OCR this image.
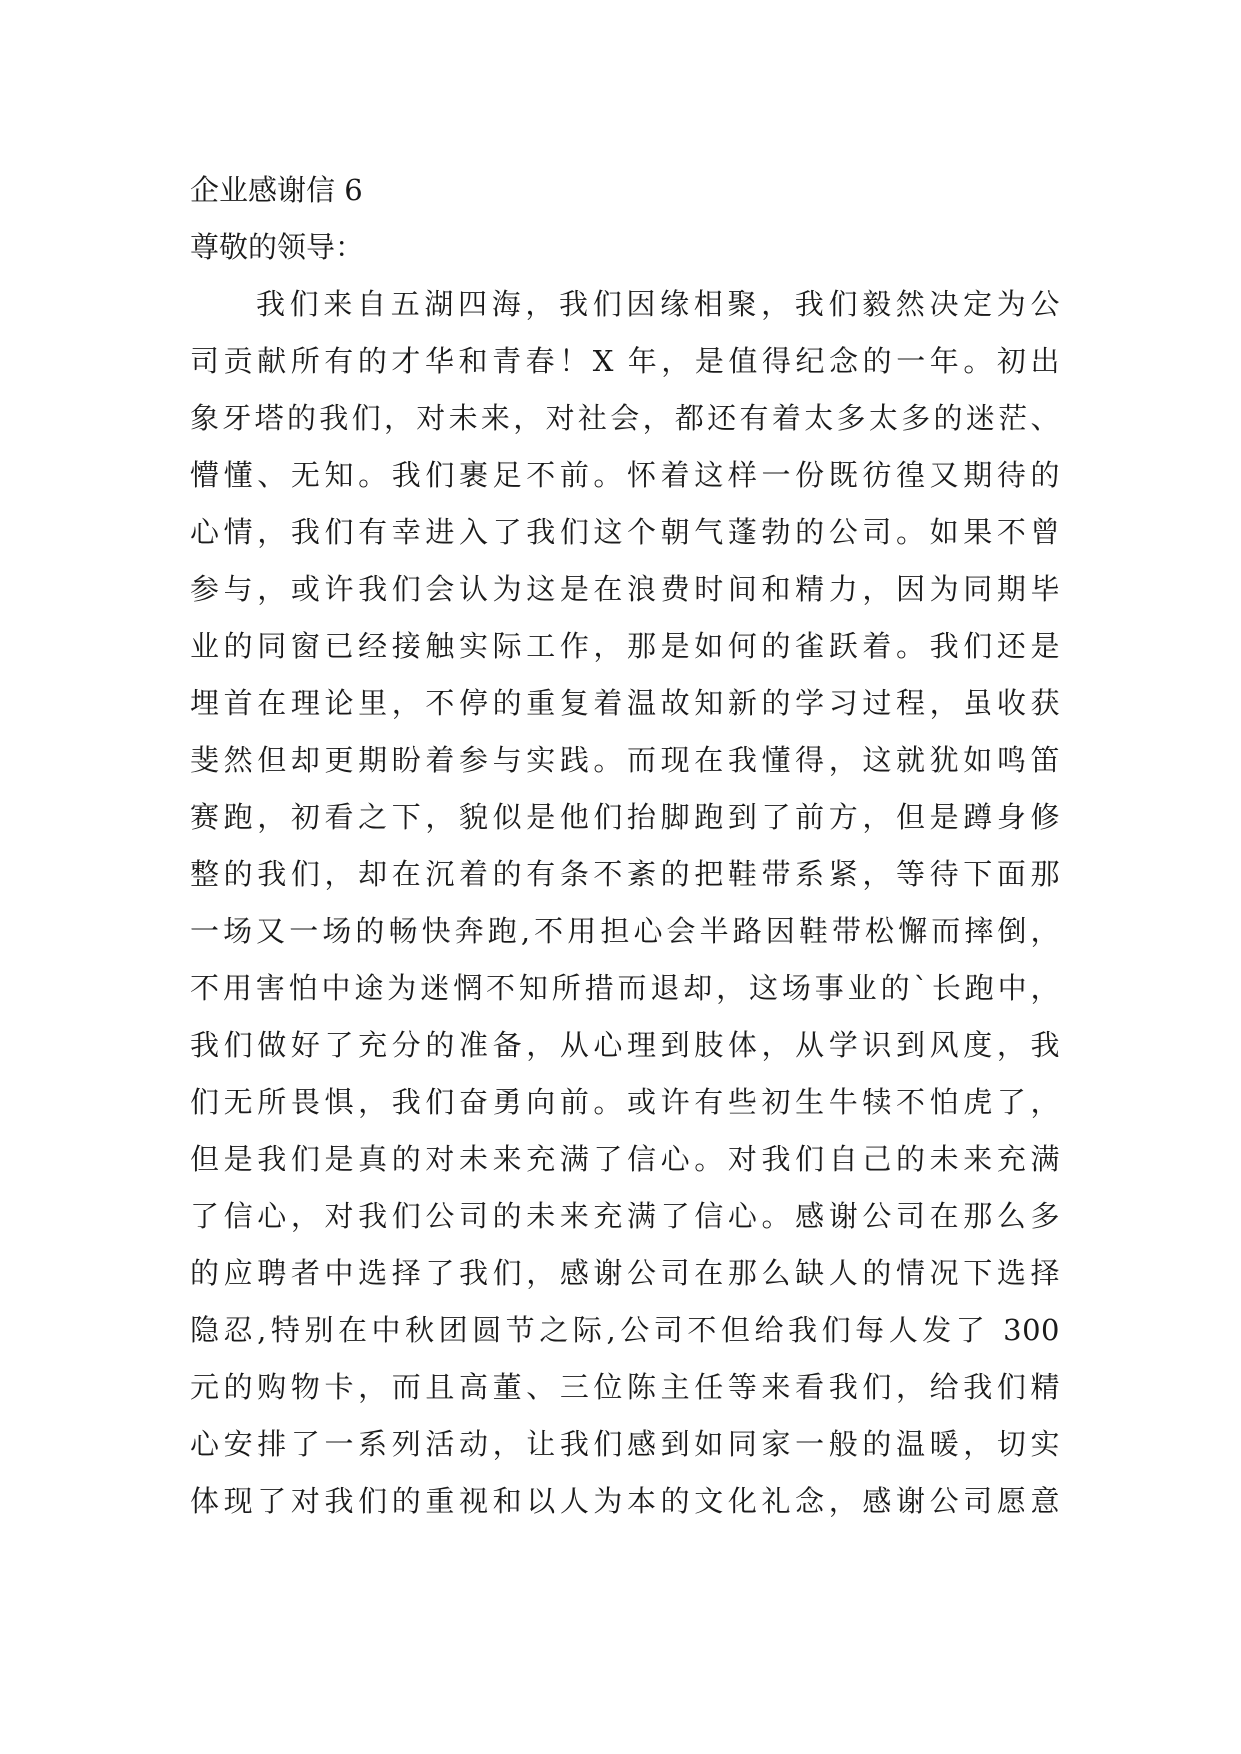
企业感谢信 6

尊敬的领导：

我们来自五湖四海，我们因缘相聚，我们毅然决定为公
司贡献所有的才华和青春！X 年，是值得纪念的一年。初出
象牙塔的我们，对未来，对社会，都还有着太多太多的迷茫、
懵懂、无知。我们裹足不前。怀着这样一份既彷徨又期待的
心情，我们有幸进入了我们这个朝气蓬勃的公司。如果不曾
参与，或许我们会认为这是在浪费时间和精力，因为同期毕
业的同窗已经接触实际工作，那是如何的雀跃着。我们还是
埋首在理论里，不停的重复着温故知新的学习过程，虽收获
斐然但却更期盼着参与实践。而现在我懂得，这就犹如鸣笛
赛跑，初看之下，貌似是他们抬脚跑到了前方，但是蹲身修
整的我们，却在沉着的有条不紊的把鞋带系紧，等待下面那
一场又一场的畅快奔跑,不用担心会半路因鞋带松懈而摔倒，
不用害怕中途为迷惘不知所措而退却，这场事业的`长跑中，
我们做好了充分的准备，从心理到肢体，从学识到风度，我
们无所畏惧，我们奋勇向前。或许有些初生牛犊不怕虎了，
但是我们是真的对未来充满了信心。对我们自己的未来充满
了信心，对我们公司的未来充满了信心。感谢公司在那么多
的应聘者中选择了我们，感谢公司在那么缺人的情况下选择
隐忍,特别在中秋团圆节之际,公司不但给我们每人发了 300
元的购物卡，而且高董、三位陈主任等来看我们，给我们精
心安排了一系列活动，让我们感到如同家一般的温暖，切实
体现了对我们的重视和以人为本的文化礼念，感谢公司愿意
